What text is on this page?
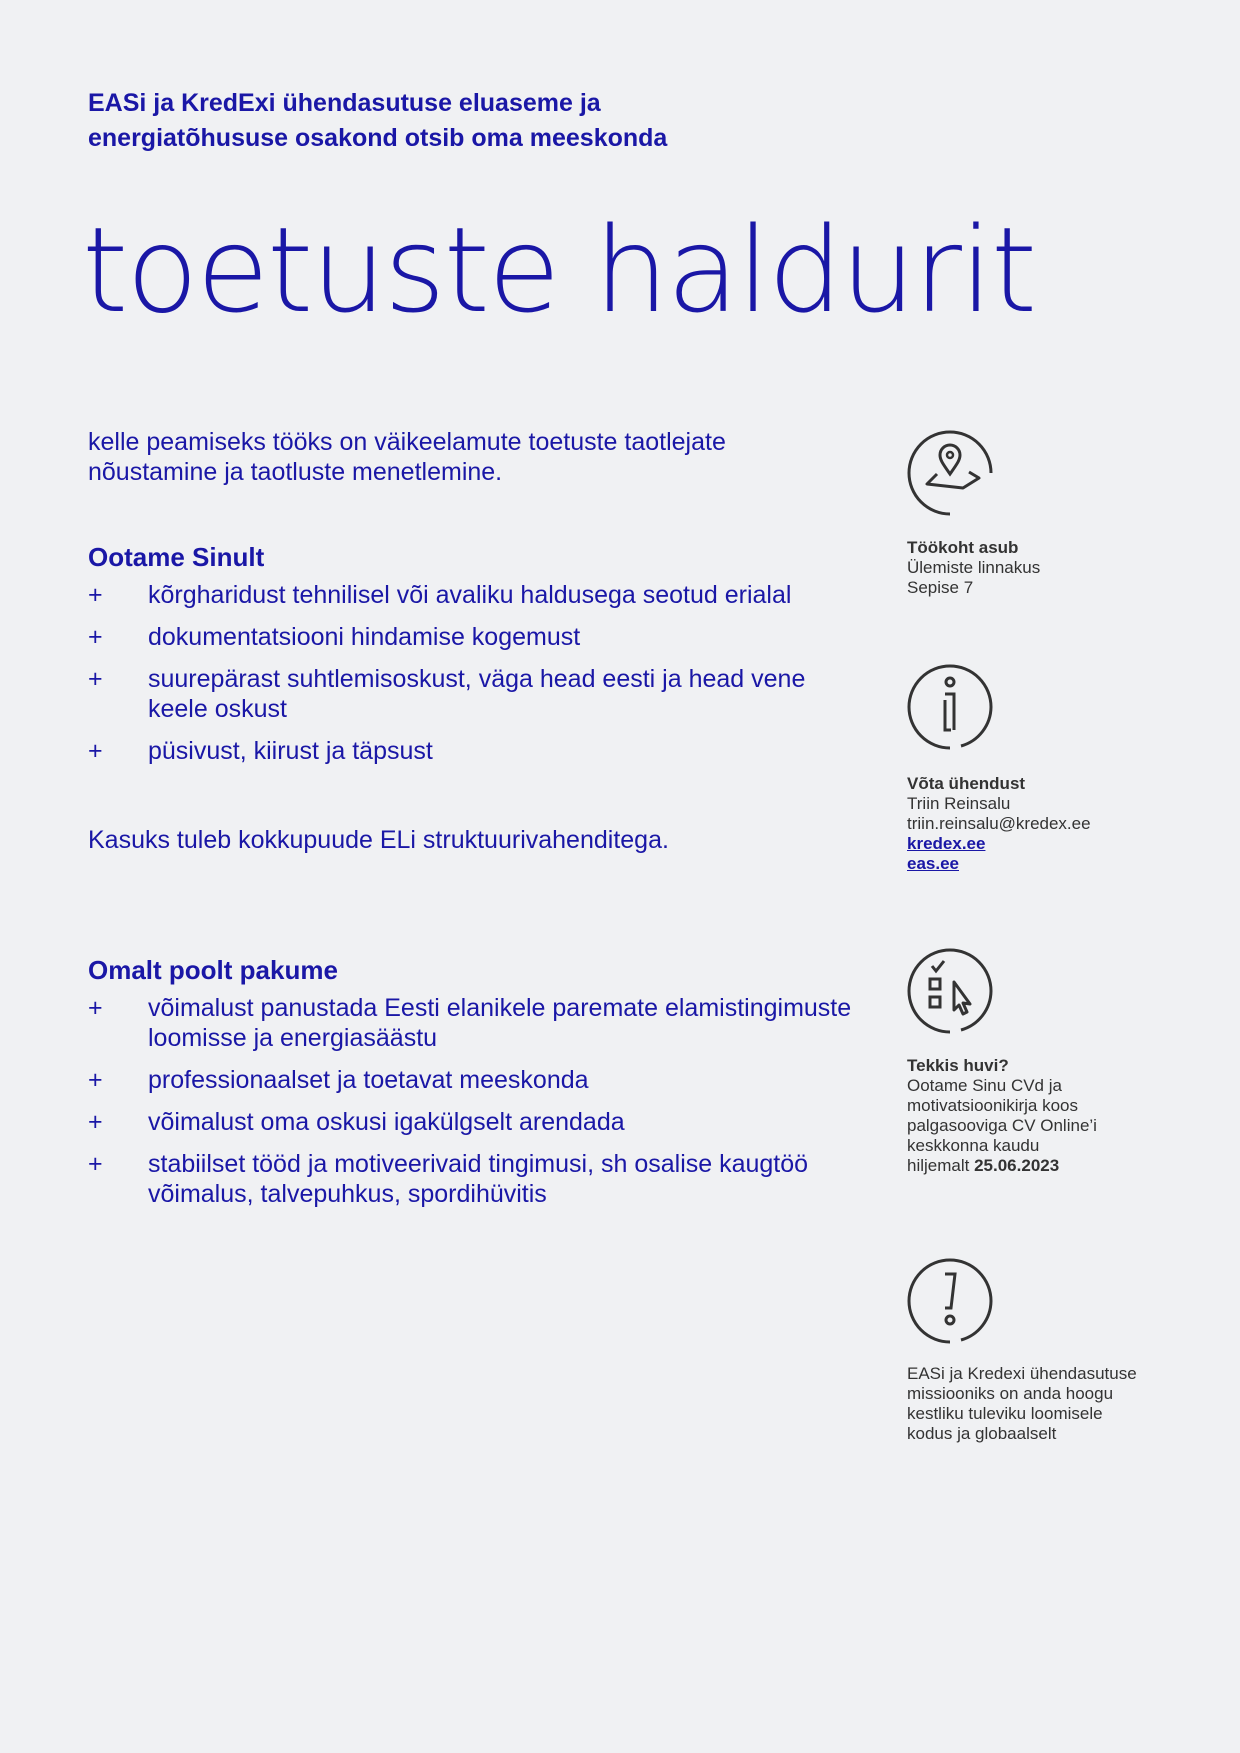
EASi ja KredExi ühendasutuse eluaseme ja
energiatõhususe osakond otsib oma meeskonda
toetuste haldurit
kelle peamiseks tööks on väikeelamute toetuste taotlejate
nõustamine ja taotluste menetlemine.
Ootame Sinult
+	kõrgharidust tehnilisel või avaliku haldusega seotud erialal
+	dokumentatsiooni hindamise kogemust
+	suurepärast suhtlemisoskust, väga head eesti ja head vene keele oskust
+	püsivust, kiirust ja täpsust
Kasuks tuleb kokkupuude ELi struktuurivahenditega.
Omalt poolt pakume
+	võimalust panustada Eesti elanikele paremate elamistingimuste loomisse ja energiasäästu
+	professionaalset ja toetavat meeskonda
+	võimalust oma oskusi igakülgselt arendada
+	stabiilset tööd ja motiveerivaid tingimusi, sh osalise kaugtöö võimalus, talvepuhkus, spordihüvitis
Töökoht asub
Ülemiste linnakus
Sepise 7
Võta ühendust
Triin Reinsalu
triin.reinsalu@kredex.ee
kredex.ee
eas.ee
Tekkis huvi?
Ootame Sinu CVd ja
motivatsioonikirja koos
palgasooviga CV Online’i
keskkonna kaudu
hiljemalt 25.06.2023
EASi ja Kredexi ühendasutuse
missiooniks on anda hoogu
kestliku tuleviku loomisele
kodus ja globaalselt
